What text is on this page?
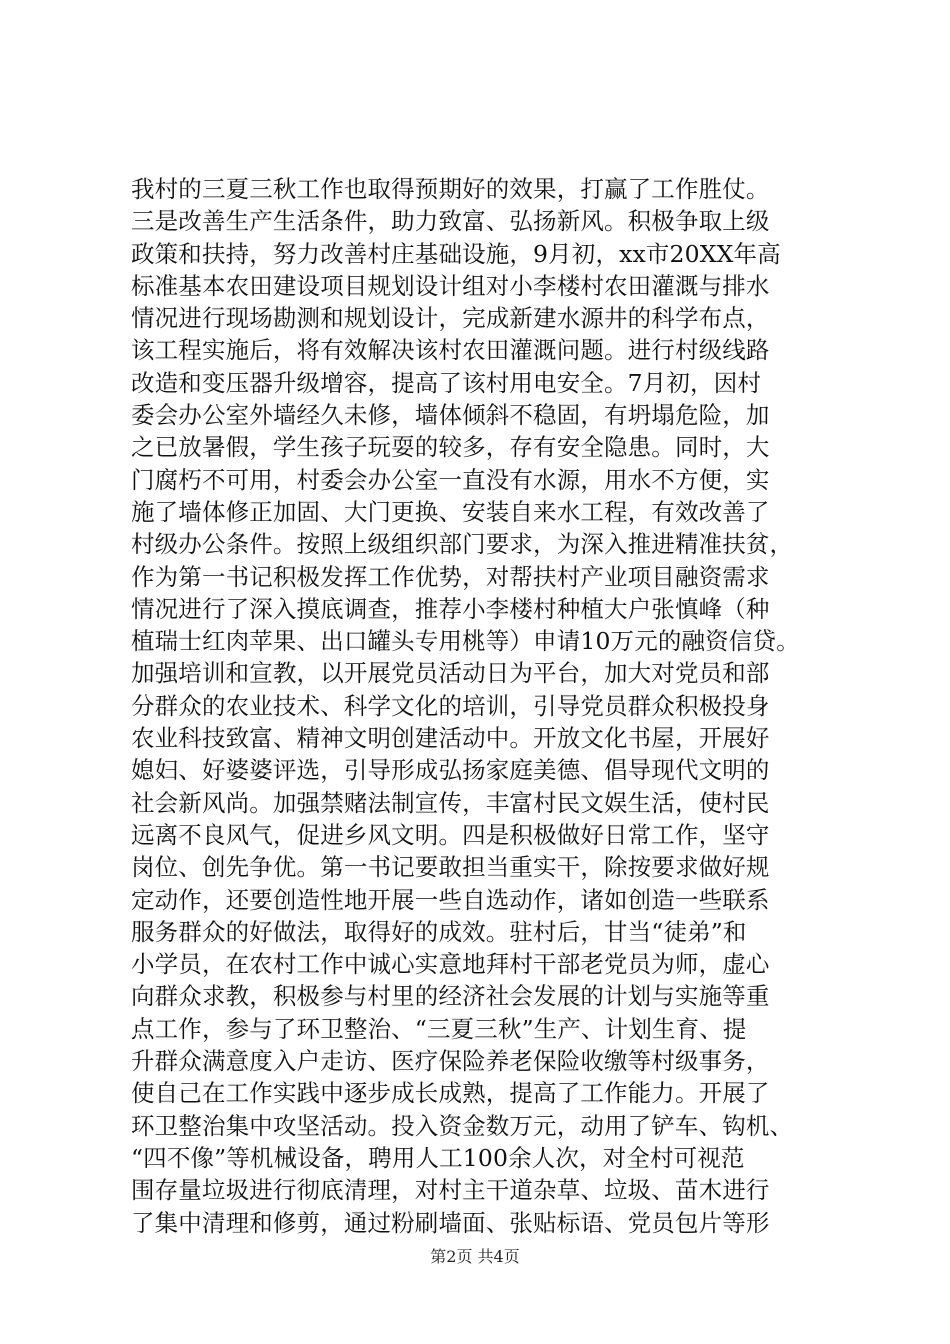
我村的三夏三秋工作也取得预期好的效果，打赢了工作胜仗。
三是改善生产生活条件，助力致富、弘扬新风。积极争取上级
政策和扶持，努力改善村庄基础设施，9月初，xx市20XX年高
标准基本农田建设项目规划设计组对小李楼村农田灌溉与排水
情况进行现场勘测和规划设计，完成新建水源井的科学布点，
该工程实施后，将有效解决该村农田灌溉问题。进行村级线路
改造和变压器升级增容，提高了该村用电安全。7月初，因村
委会办公室外墙经久未修，墙体倾斜不稳固，有坍塌危险，加
之已放暑假，学生孩子玩耍的较多，存有安全隐患。同时，大
门腐朽不可用，村委会办公室一直没有水源，用水不方便，实
施了墙体修正加固、大门更换、安装自来水工程，有效改善了
村级办公条件。按照上级组织部门要求，为深入推进精准扶贫，
作为第一书记积极发挥工作优势，对帮扶村产业项目融资需求
情况进行了深入摸底调查，推荐小李楼村种植大户张慎峰（种
植瑞士红肉苹果、出口罐头专用桃等）申请10万元的融资信贷。
加强培训和宣教，以开展党员活动日为平台，加大对党员和部
分群众的农业技术、科学文化的培训，引导党员群众积极投身
农业科技致富、精神文明创建活动中。开放文化书屋，开展好
媳妇、好婆婆评选，引导形成弘扬家庭美德、倡导现代文明的
社会新风尚。加强禁赌法制宣传，丰富村民文娱生活，使村民
远离不良风气，促进乡风文明。四是积极做好日常工作，坚守
岗位、创先争优。第一书记要敢担当重实干，除按要求做好规
定动作，还要创造性地开展一些自选动作，诸如创造一些联系
服务群众的好做法，取得好的成效。驻村后，甘当“徒弟”和
小学员，在农村工作中诚心实意地拜村干部老党员为师，虚心
向群众求教，积极参与村里的经济社会发展的计划与实施等重
点工作，参与了环卫整治、“三夏三秋”生产、计划生育、提
升群众满意度入户走访、医疗保险养老保险收缴等村级事务，
使自己在工作实践中逐步成长成熟，提高了工作能力。开展了
环卫整治集中攻坚活动。投入资金数万元，动用了铲车、钩机、
“四不像”等机械设备，聘用人工100余人次，对全村可视范
围存量垃圾进行彻底清理，对村主干道杂草、垃圾、苗木进行
了集中清理和修剪，通过粉刷墙面、张贴标语、党员包片等形
第2页 共4页
